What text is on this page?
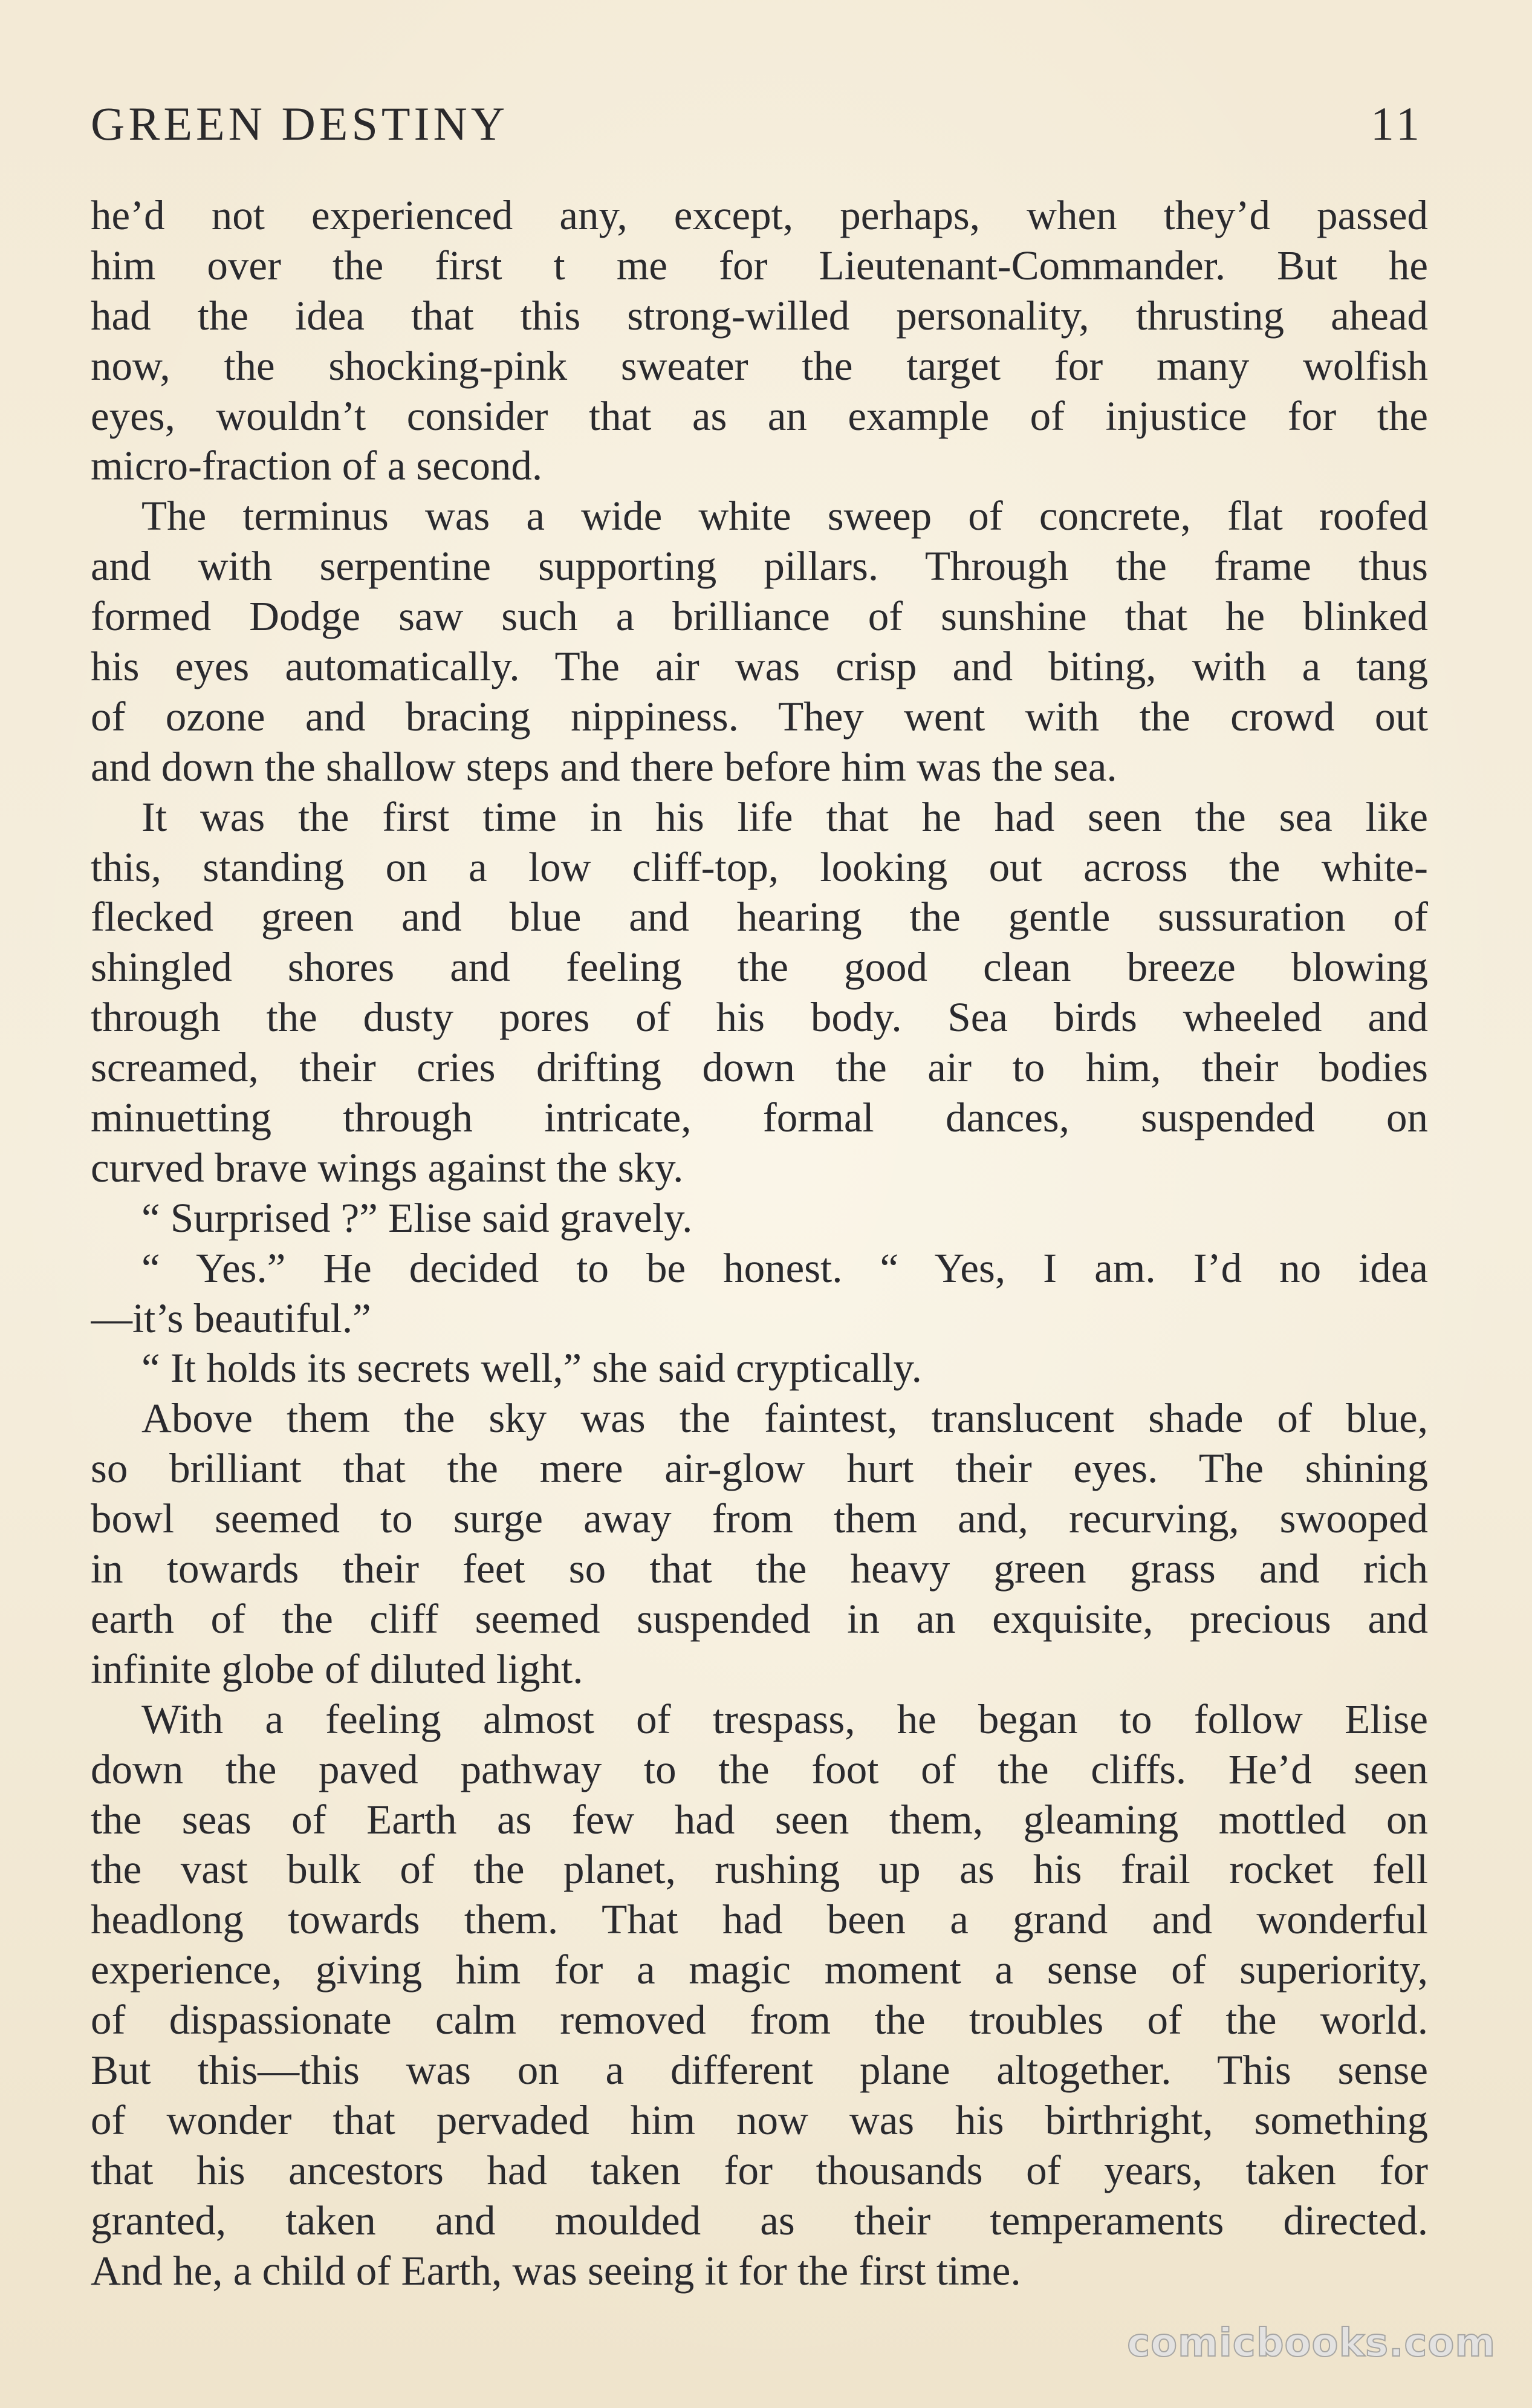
GREEN DESTINY	11
he’d not experienced any, except, perhaps, when they’d passed
him over the first t me for Lieutenant-Commander. But he
had the idea that this strong-willed personality, thrusting ahead
now, the shocking-pink sweater the target for many wolfish
eyes, wouldn’t consider that as an example of injustice for the
micro-fraction of a second.
The terminus was a wide white sweep of concrete, flat roofed
and with serpentine supporting pillars. Through the frame thus
formed Dodge saw such a brilliance of sunshine that he blinked
his eyes automatically. The air was crisp and biting, with a tang
of ozone and bracing nippiness. They went with the crowd out
and down the shallow steps and there before him was the sea.
It was the first time in his life that he had seen the sea like
this, standing on a low cliff-top, looking out across the white-
flecked green and blue and hearing the gentle sussuration of
shingled shores and feeling the good clean breeze blowing
through the dusty pores of his body. Sea birds wheeled and
screamed, their cries drifting down the air to him, their bodies
minuetting through intricate, formal dances, suspended on
curved brave wings against the sky.
“ Surprised ?” Elise said gravely.
“ Yes.” He decided to be honest. “ Yes, I am. I’d no idea
—it’s beautiful.”
“ It holds its secrets well,” she said cryptically.
Above them the sky was the faintest, translucent shade of blue,
so brilliant that the mere air-glow hurt their eyes. The shining
bowl seemed to surge away from them and, recurving, swooped
in towards their feet so that the heavy green grass and rich
earth of the cliff seemed suspended in an exquisite, precious and
infinite globe of diluted light.
With a feeling almost of trespass, he began to follow Elise
down the paved pathway to the foot of the cliffs. He’d seen
the seas of Earth as few had seen them, gleaming mottled on
the vast bulk of the planet, rushing up as his frail rocket fell
headlong towards them. That had been a grand and wonderful
experience, giving him for a magic moment a sense of superiority,
of dispassionate calm removed from the troubles of the world.
But this—this was on a different plane altogether. This sense
of wonder that pervaded him now was his birthright, something
that his ancestors had taken for thousands of years, taken for
granted, taken and moulded as their temperaments directed.
And he, a child of Earth, was seeing it for the first time.
comicbooks.com
